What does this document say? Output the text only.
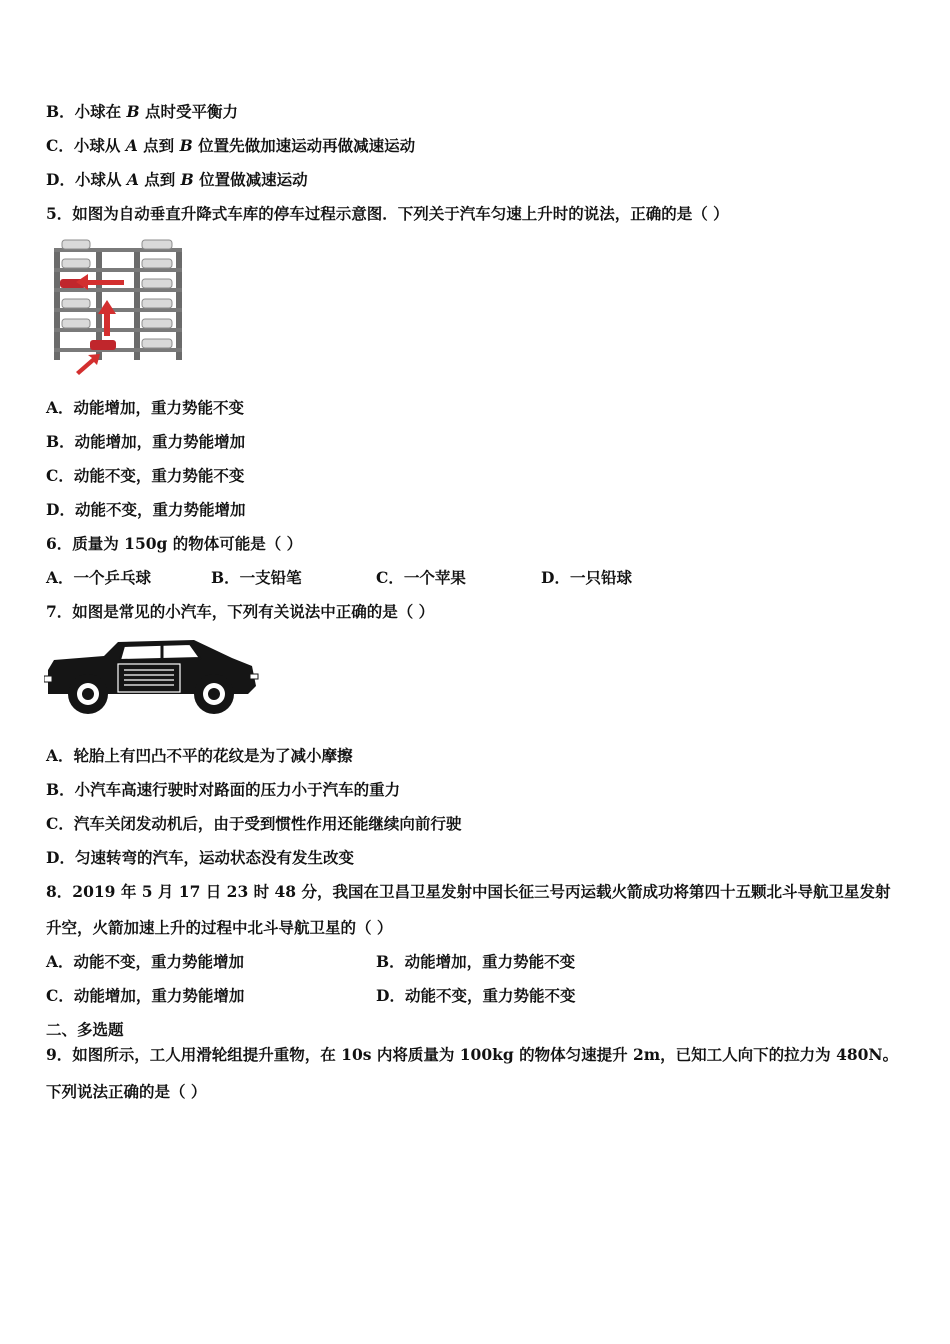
B．小球在 B 点时受平衡力
C．小球从 A 点到 B 位置先做加速运动再做减速运动
D．小球从 A 点到 B 位置做减速运动
5．如图为自动垂直升降式车库的停车过程示意图．下列关于汽车匀速上升时的说法，正确的是（ ）
A．动能增加，重力势能不变
B．动能增加，重力势能增加
C．动能不变，重力势能不变
D．动能不变，重力势能增加
6．质量为 150g 的物体可能是（ ）
A．一个乒乓球	B．一支铅笔	C．一个苹果	D．一只铅球
7．如图是常见的小汽车，下列有关说法中正确的是（ ）
A．轮胎上有凹凸不平的花纹是为了减小摩擦
B．小汽车高速行驶时对路面的压力小于汽车的重力
C．汽车关闭发动机后，由于受到惯性作用还能继续向前行驶
D．匀速转弯的汽车，运动状态没有发生改变
8．2019 年 5 月 17 日 23 时 48 分，我国在卫昌卫星发射中国长征三号丙运载火箭成功将第四十五颗北斗导航卫星发射
升空，火箭加速上升的过程中北斗导航卫星的（ ）
A．动能不变，重力势能增加	B．动能增加，重力势能不变
C．动能增加，重力势能增加	D．动能不变，重力势能不变
二、多选题
9．如图所示，工人用滑轮组提升重物，在 10s 内将质量为 100kg 的物体匀速提升 2m，已知工人向下的拉力为 480N。
下列说法正确的是（ ）
